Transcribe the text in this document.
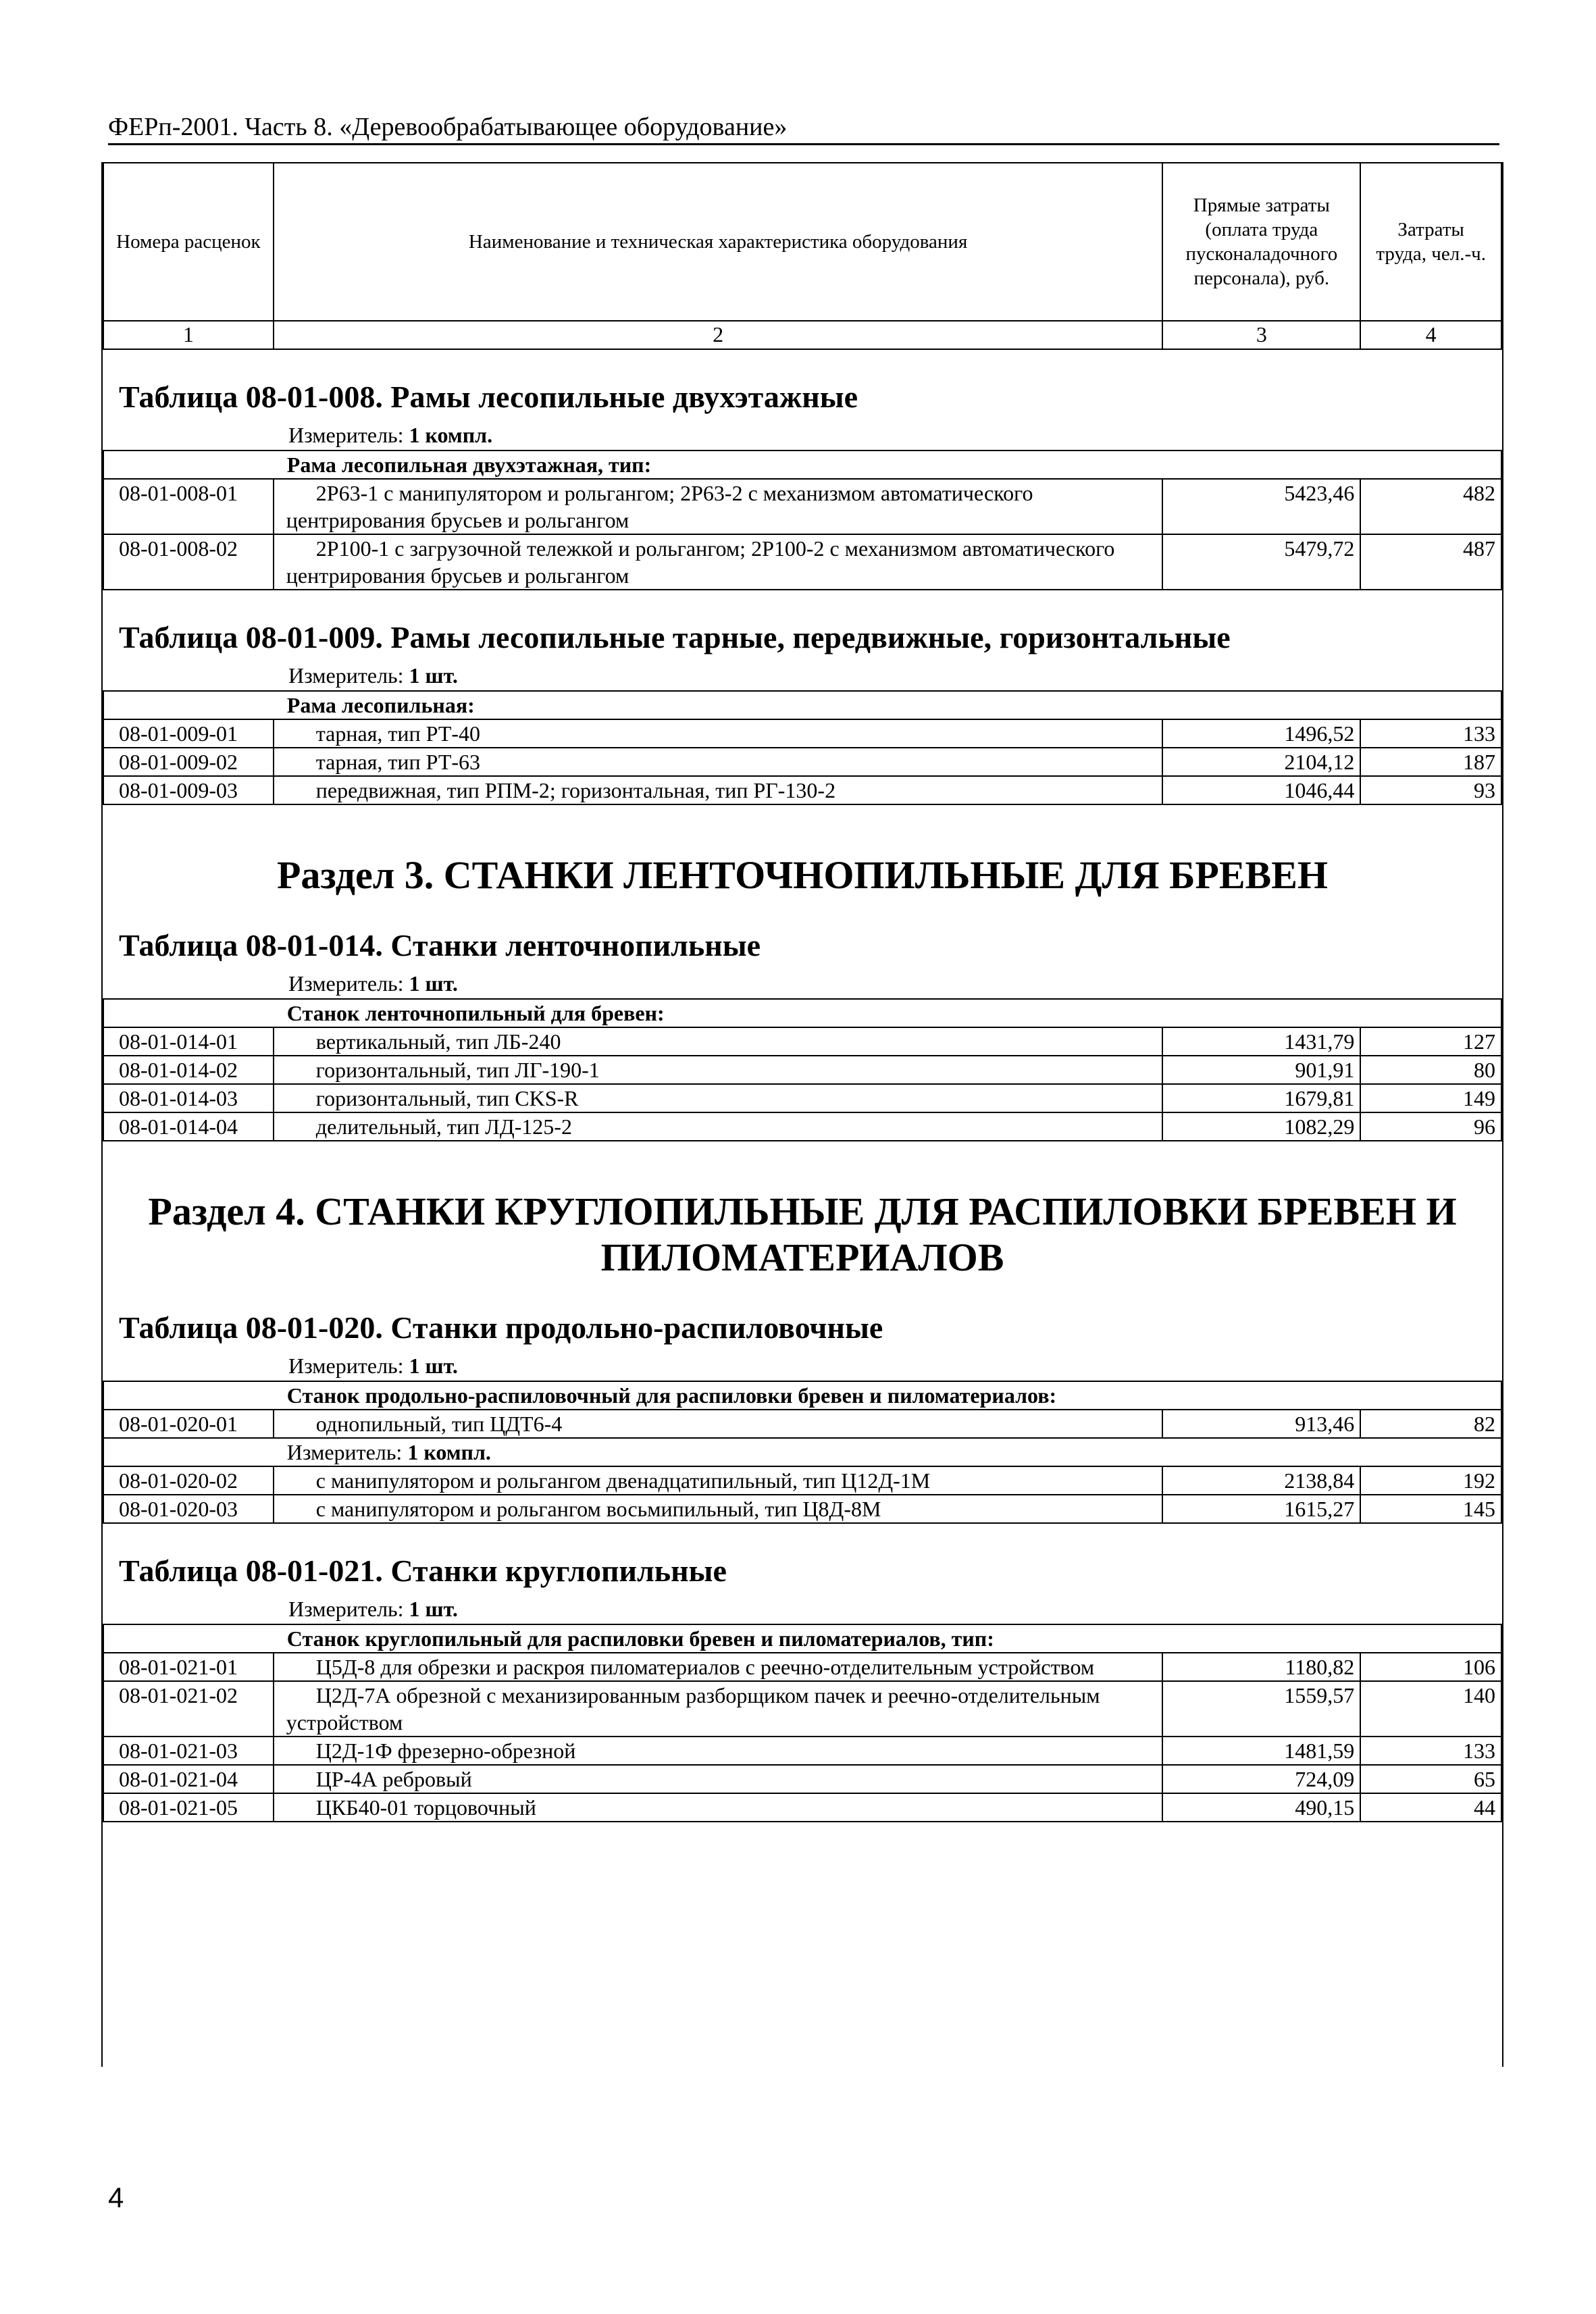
ФЕРп-2001. Часть 8. «Деревообрабатывающее оборудование»
Номера расценок	Наименование и техническая характеристика оборудования	Прямые затраты (оплата труда пусконаладочного персонала), руб.	Затраты труда, чел.-ч.
1	2	3	4
Таблица 08-01-008. Рамы лесопильные двухэтажные
Измеритель: 1 компл.
	Рама лесопильная двухэтажная, тип:		
08-01-008-01	2Р63-1 с манипулятором и рольгангом; 2Р63-2 с механизмом автоматического центрирования брусьев и рольгангом	5423,46	482
08-01-008-02	2Р100-1 с загрузочной тележкой и рольгангом; 2Р100-2 с механизмом автоматического центрирования брусьев и рольгангом	5479,72	487
Таблица 08-01-009. Рамы лесопильные тарные, передвижные, горизонтальные
Измеритель: 1 шт.
	Рама лесопильная:		
08-01-009-01	тарная, тип РТ-40	1496,52	133
08-01-009-02	тарная, тип РТ-63	2104,12	187
08-01-009-03	передвижная, тип РПМ-2; горизонтальная, тип РГ-130-2	1046,44	93
Раздел 3. СТАНКИ ЛЕНТОЧНОПИЛЬНЫЕ ДЛЯ БРЕВЕН
Таблица 08-01-014. Станки ленточнопильные
Измеритель: 1 шт.
	Станок ленточнопильный для бревен:		
08-01-014-01	вертикальный, тип ЛБ-240	1431,79	127
08-01-014-02	горизонтальный, тип ЛГ-190-1	901,91	80
08-01-014-03	горизонтальный, тип CKS-R	1679,81	149
08-01-014-04	делительный, тип ЛД-125-2	1082,29	96
Раздел 4. СТАНКИ КРУГЛОПИЛЬНЫЕ ДЛЯ РАСПИЛОВКИ БРЕВЕН И ПИЛОМАТЕРИАЛОВ
Таблица 08-01-020. Станки продольно-распиловочные
Измеритель: 1 шт.
	Станок продольно-распиловочный для распиловки бревен и пиломатериалов:		
08-01-020-01	однопильный, тип ЦДТ6-4	913,46	82
	Измеритель: 1 компл.		
08-01-020-02	с манипулятором и рольгангом двенадцатипильный, тип Ц12Д-1М	2138,84	192
08-01-020-03	с манипулятором и рольгангом восьмипильный, тип Ц8Д-8М	1615,27	145
Таблица 08-01-021. Станки круглопильные
Измеритель: 1 шт.
	Станок круглопильный для распиловки бревен и пиломатериалов, тип:		
08-01-021-01	Ц5Д-8 для обрезки и раскроя пиломатериалов с реечно-отделительным устройством	1180,82	106
08-01-021-02	Ц2Д-7А обрезной с механизированным разборщиком пачек и реечно-отделительным устройством	1559,57	140
08-01-021-03	Ц2Д-1Ф фрезерно-обрезной	1481,59	133
08-01-021-04	ЦР-4А ребровый	724,09	65
08-01-021-05	ЦКБ40-01 торцовочный	490,15	44
4
